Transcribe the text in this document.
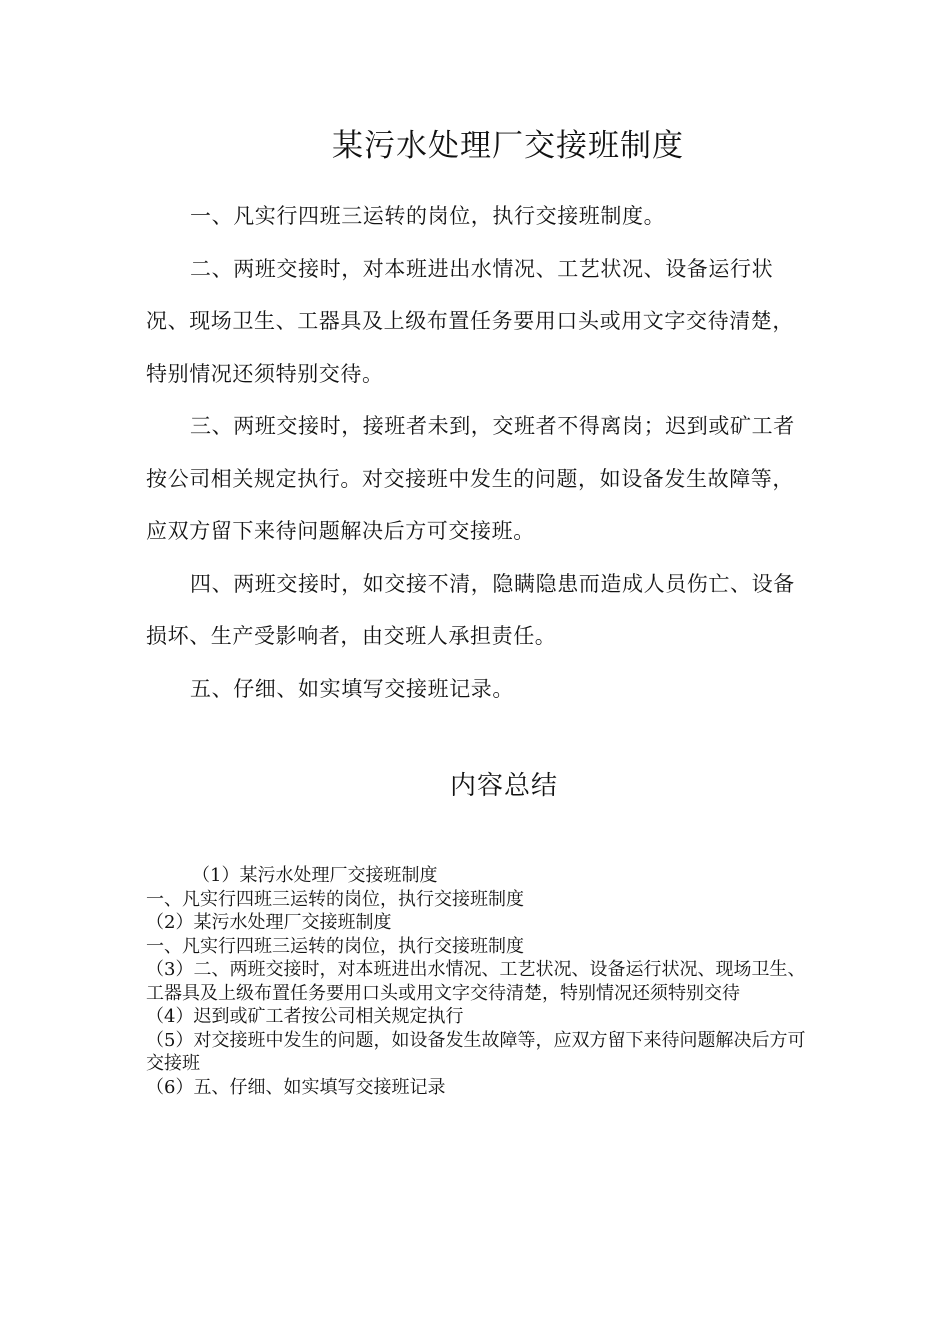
某污水处理厂交接班制度

一、凡实行四班三运转的岗位，执行交接班制度。

二、两班交接时，对本班进出水情况、工艺状况、设备运行状况、现场卫生、工器具及上级布置任务要用口头或用文字交待清楚，特别情况还须特别交待。

三、两班交接时，接班者未到，交班者不得离岗；迟到或矿工者按公司相关规定执行。对交接班中发生的问题，如设备发生故障等，应双方留下来待问题解决后方可交接班。

四、两班交接时，如交接不清，隐瞒隐患而造成人员伤亡、设备损坏、生产受影响者，由交班人承担责任。

五、仔细、如实填写交接班记录。

内容总结

（1）某污水处理厂交接班制度

一、凡实行四班三运转的岗位，执行交接班制度

（2）某污水处理厂交接班制度

一、凡实行四班三运转的岗位，执行交接班制度

（3）二、两班交接时，对本班进出水情况、工艺状况、设备运行状况、现场卫生、工器具及上级布置任务要用口头或用文字交待清楚，特别情况还须特别交待

（4）迟到或矿工者按公司相关规定执行

（5）对交接班中发生的问题，如设备发生故障等，应双方留下来待问题解决后方可交接班

（6）五、仔细、如实填写交接班记录
